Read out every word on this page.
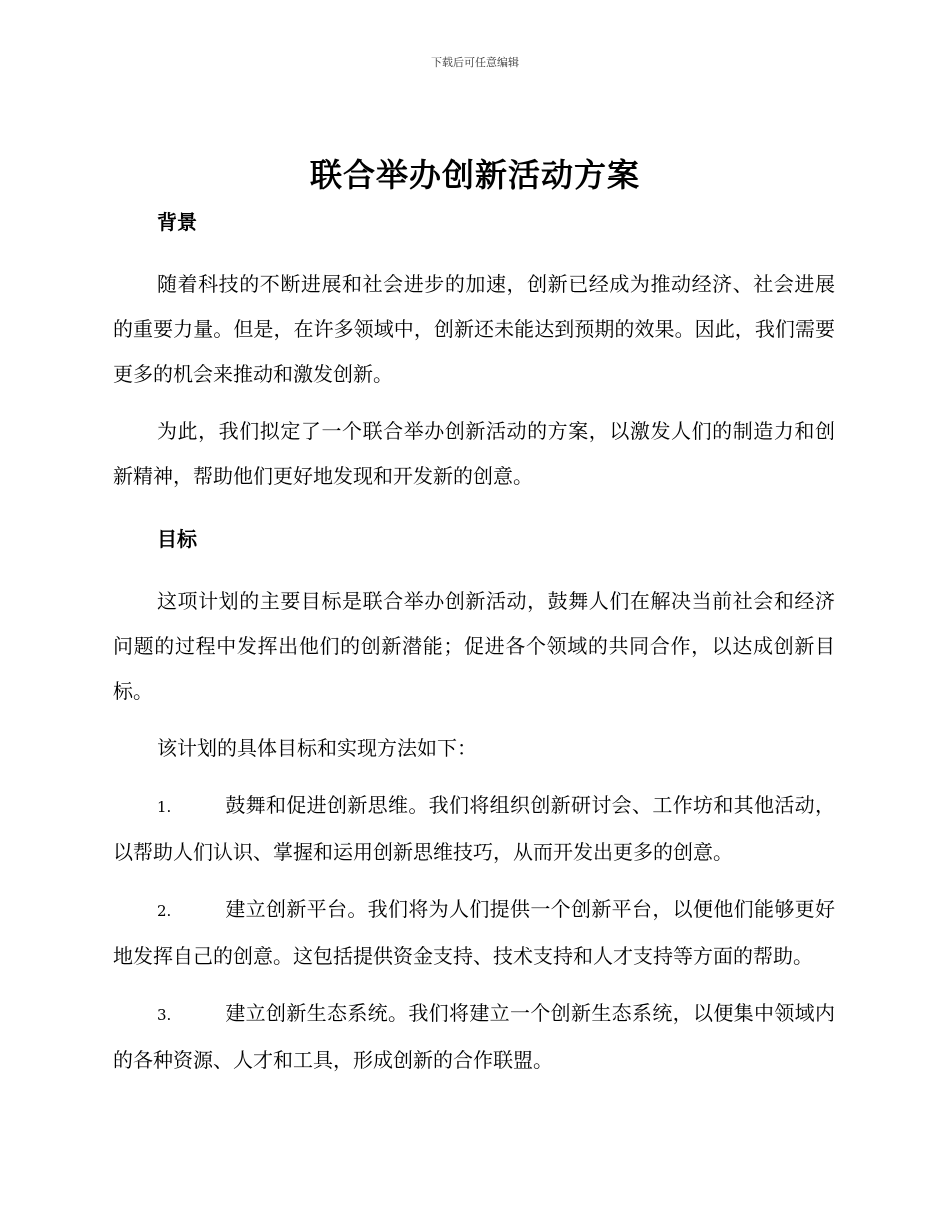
下载后可任意编辑
联合举办创新活动方案
背景

随着科技的不断进展和社会进步的加速，创新已经成为推动经济、社会进展的重要力量。但是，在许多领域中，创新还未能达到预期的效果。因此，我们需要更多的机会来推动和激发创新。

为此，我们拟定了一个联合举办创新活动的方案，以激发人们的制造力和创新精神，帮助他们更好地发现和开发新的创意。

目标

这项计划的主要目标是联合举办创新活动，鼓舞人们在解决当前社会和经济问题的过程中发挥出他们的创新潜能；促进各个领域的共同合作，以达成创新目标。

该计划的具体目标和实现方法如下：

1.	鼓舞和促进创新思维。我们将组织创新研讨会、工作坊和其他活动，以帮助人们认识、掌握和运用创新思维技巧，从而开发出更多的创意。

2.	建立创新平台。我们将为人们提供一个创新平台，以便他们能够更好地发挥自己的创意。这包括提供资金支持、技术支持和人才支持等方面的帮助。

3.	建立创新生态系统。我们将建立一个创新生态系统，以便集中领域内的各种资源、人才和工具，形成创新的合作联盟。
